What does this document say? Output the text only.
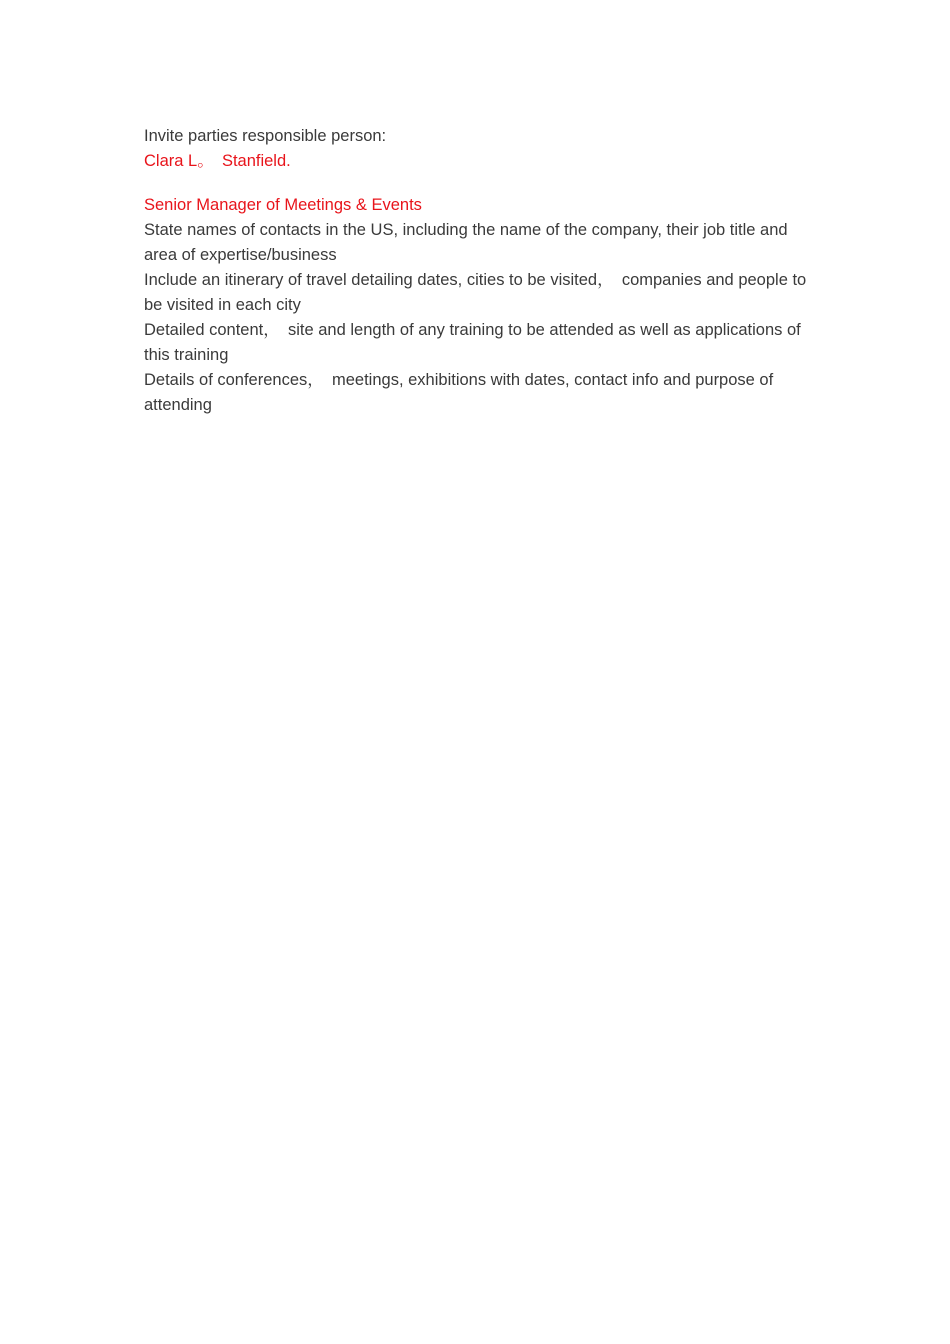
Invite parties responsible person:

Clara L。　Stanfield.

Senior Manager of Meetings & Events

State names of contacts in the US, including the name of the company, their job title and area of expertise/business

Include an itinerary of travel detailing dates, cities to be visited，　companies and people to be visited in each city

Detailed content，　site and length of any training to be attended as well as applications of this training

Details of conferences，　meetings, exhibitions with dates, contact info and purpose of attending
